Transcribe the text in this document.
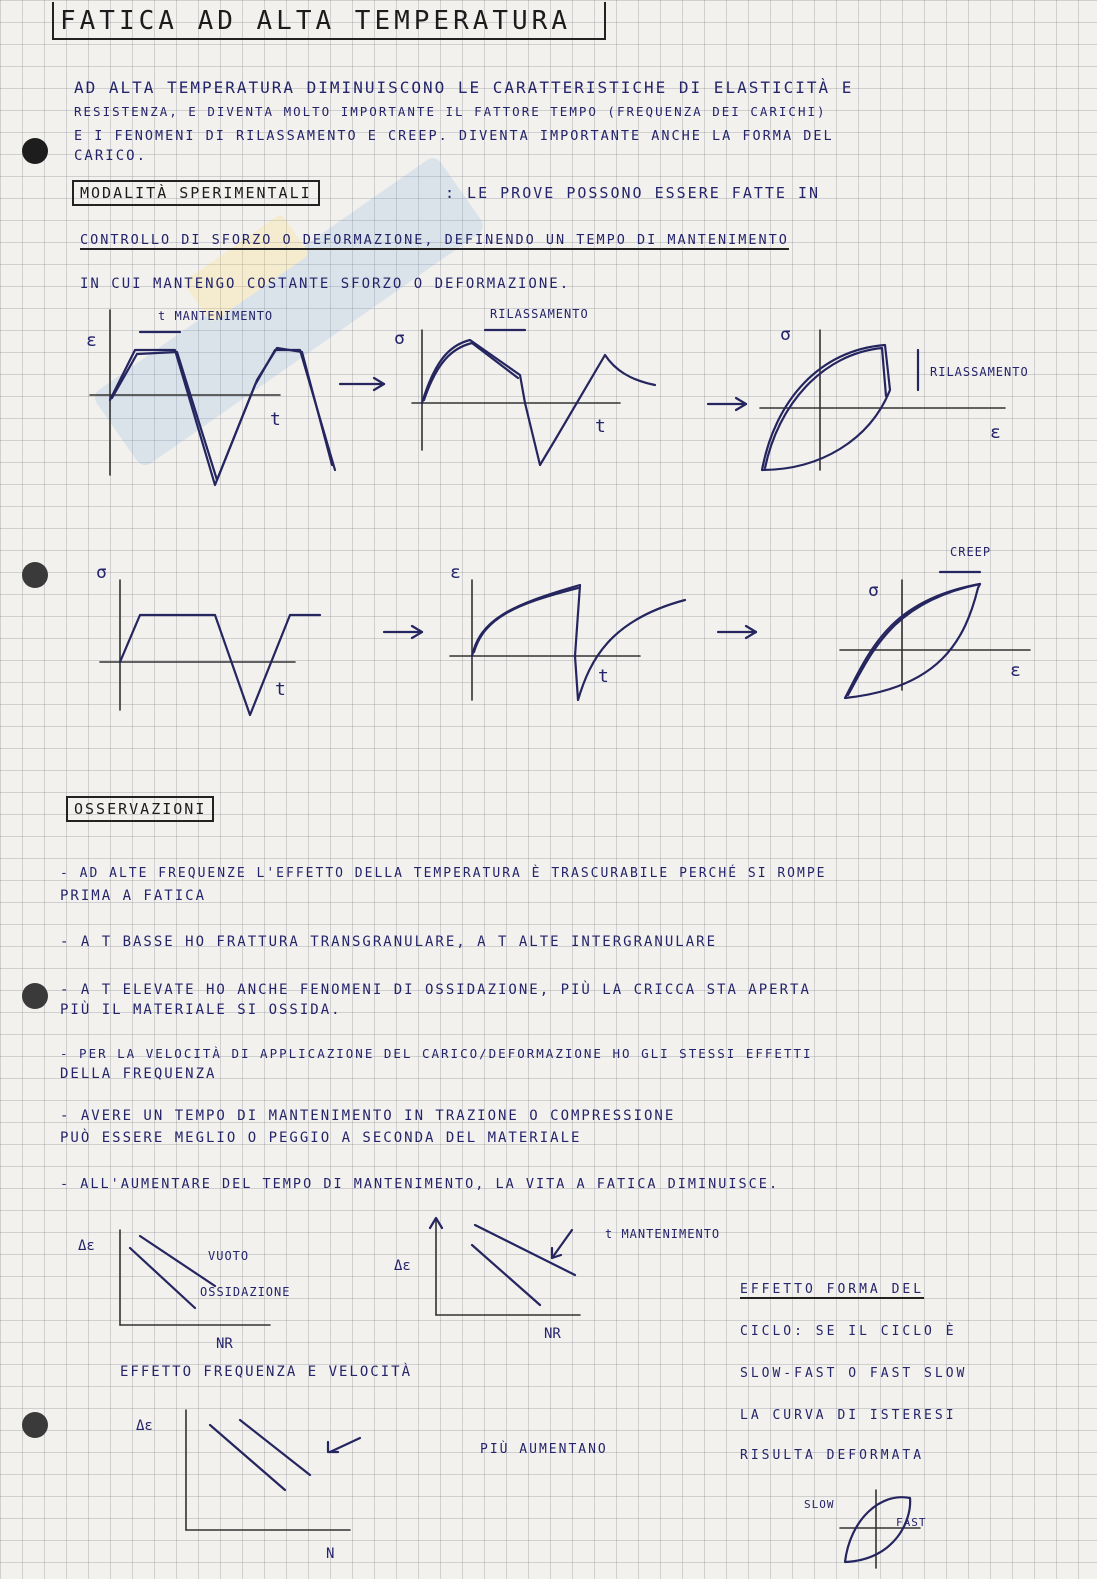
FATICA AD ALTA TEMPERATURA
AD ALTA TEMPERATURA DIMINUISCONO LE CARATTERISTICHE DI ELASTICITÀ E
RESISTENZA, E DIVENTA MOLTO IMPORTANTE IL FATTORE TEMPO (FREQUENZA DEI CARICHI)
E I FENOMENI DI RILASSAMENTO E CREEP. DIVENTA IMPORTANTE ANCHE LA FORMA DEL
CARICO.
MODALITÀ SPERIMENTALI	: LE PROVE POSSONO ESSERE FATTE IN
CONTROLLO DI SFORZO O DEFORMAZIONE, DEFINENDO UN TEMPO DI MANTENIMENTO
IN CUI MANTENGO COSTANTE SFORZO O DEFORMAZIONE.
ε
t
t MANTENIMENTO
σ
t
RILASSAMENTO
σ
ε
RILASSAMENTO
σ
t
ε
t
σ
ε
CREEP
OSSERVAZIONI
- AD ALTE FREQUENZE L'EFFETTO DELLA TEMPERATURA È TRASCURABILE PERCHÉ SI ROMPE
PRIMA A FATICA
- A T BASSE HO FRATTURA TRANSGRANULARE, A T ALTE INTERGRANULARE
- A T ELEVATE HO ANCHE FENOMENI DI OSSIDAZIONE, PIÙ LA CRICCA STA APERTA
PIÙ IL MATERIALE SI OSSIDA.
- PER LA VELOCITÀ DI APPLICAZIONE DEL CARICO/DEFORMAZIONE HO GLI STESSI EFFETTI
DELLA FREQUENZA
- AVERE UN TEMPO DI MANTENIMENTO IN TRAZIONE O COMPRESSIONE
PUÒ ESSERE MEGLIO O PEGGIO A SECONDA DEL MATERIALE
- ALL'AUMENTARE DEL TEMPO DI MANTENIMENTO, LA VITA A FATICA DIMINUISCE.
Δε
VUOTO
OSSIDAZIONE
NR
Δε
NR
t MANTENIMENTO
EFFETTO FREQUENZA E VELOCITÀ
Δε
N
PIÙ AUMENTANO
EFFETTO FORMA DEL
CICLO: SE IL CICLO È
SLOW-FAST O FAST SLOW
LA CURVA DI ISTERESI
RISULTA DEFORMATA
SLOW
FAST
